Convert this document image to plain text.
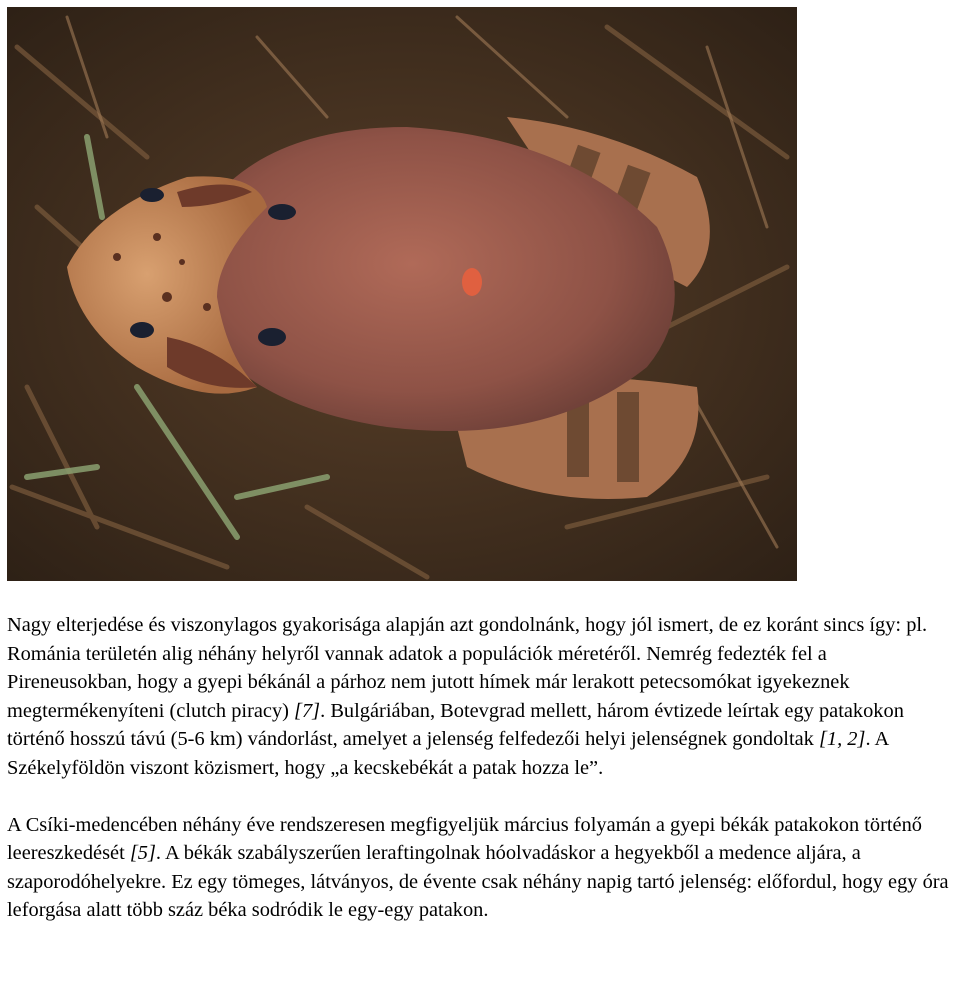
Nagy elterjedése és viszonylagos gyakorisága alapján azt gondolnánk, hogy jól ismert, de ez koránt sincs így: pl. Románia területén alig néhány helyről vannak adatok a populációk méretéről. Nemrég fedezték fel a Pireneusokban, hogy a gyepi békánál a párhoz nem jutott hímek már lerakott petecsomókat igyekeznek megtermékenyíteni (clutch piracy) [7]. Bulgáriában, Botevgrad mellett, három évtizede leírtak egy patakokon történő hosszú távú (5-6 km) vándorlást, amelyet a jelenség felfedezői helyi jelenségnek gondoltak [1, 2]. A Székelyföldön viszont közismert, hogy „a kecskebékát a patak hozza le”.

A Csíki-medencében néhány éve rendszeresen megfigyeljük március folyamán a gyepi békák patakokon történő leereszkedését [5]. A békák szabályszerűen leraftingolnak hóolvadáskor a hegyekből a medence aljára, a szaporodóhelyekre. Ez egy tömeges, látványos, de évente csak néhány napig tartó jelenség: előfordul, hogy egy óra leforgása alatt több száz béka sodródik le egy-egy patakon.
